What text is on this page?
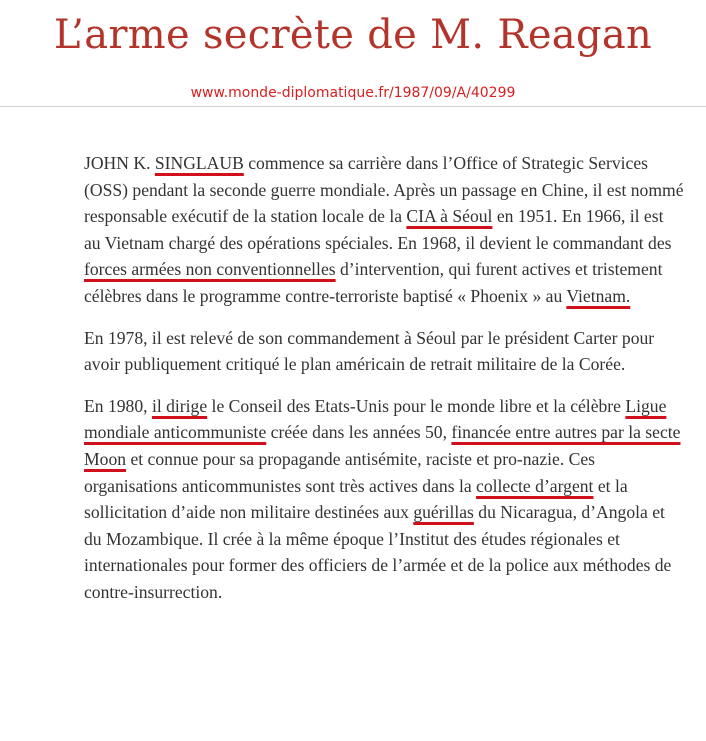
L’arme secrète de M. Reagan
www.monde-diplomatique.fr/1987/09/A/40299

JOHN K. SINGLAUB commence sa carrière dans l’Office of Strategic Services (OSS) pendant la seconde guerre mondiale. Après un passage en Chine, il est nommé responsable exécutif de la station locale de la CIA à Séoul en 1951. En 1966, il est au Vietnam chargé des opérations spéciales. En 1968, il devient le commandant des forces armées non conventionnelles d’intervention, qui furent actives et tristement célèbres dans le programme contre-terroriste baptisé « Phoenix » au Vietnam.

En 1978, il est relevé de son commandement à Séoul par le président Carter pour avoir publiquement critiqué le plan américain de retrait militaire de la Corée.

En 1980, il dirige le Conseil des Etats-Unis pour le monde libre et la célèbre Ligue mondiale anticommuniste créée dans les années 50, financée entre autres par la secte Moon et connue pour sa propagande antisémite, raciste et pro-nazie. Ces organisations anticommunistes sont très actives dans la collecte d’argent et la sollicitation d’aide non militaire destinées aux guérillas du Nicaragua, d’Angola et du Mozambique. Il crée à la même époque l’Institut des études régionales et internationales pour former des officiers de l’armée et de la police aux méthodes de contre-insurrection.
